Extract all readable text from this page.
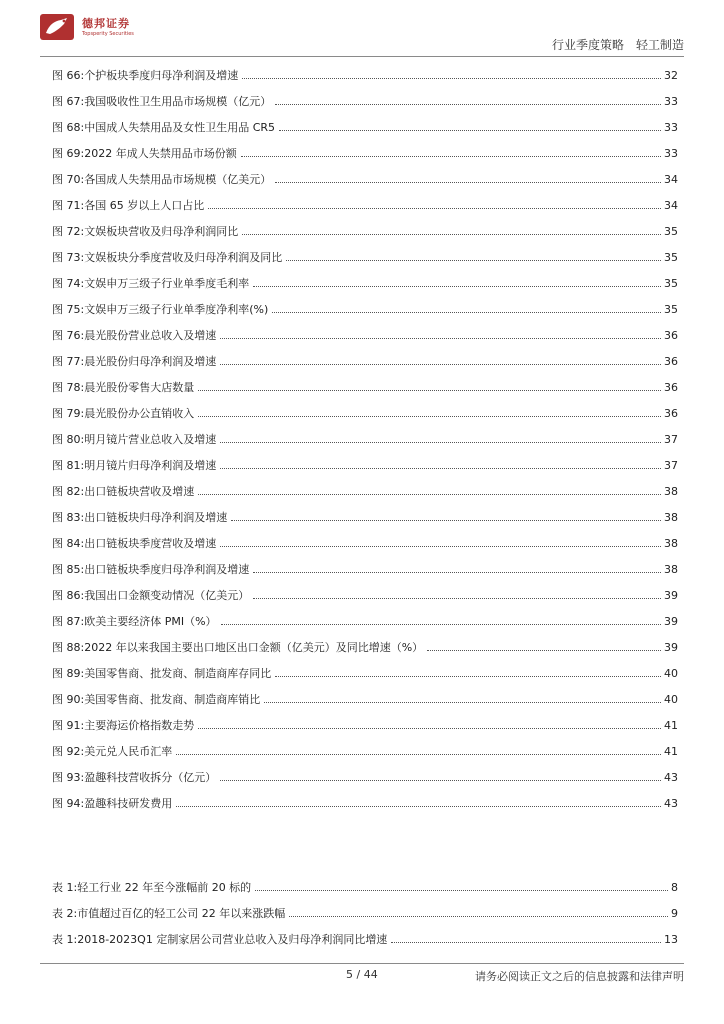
德邦证券
Topsperity Securities
行业季度策略　轻工制造
图 66: 个护板块季度归母净利润及增速	32
图 67: 我国吸收性卫生用品市场规模（亿元）	33
图 68: 中国成人失禁用品及女性卫生用品 CR5	33
图 69: 2022 年成人失禁用品市场份额	33
图 70: 各国成人失禁用品市场规模（亿美元）	34
图 71: 各国 65 岁以上人口占比	34
图 72: 文娱板块营收及归母净利润同比	35
图 73: 文娱板块分季度营收及归母净利润及同比	35
图 74: 文娱申万三级子行业单季度毛利率	35
图 75: 文娱申万三级子行业单季度净利率(%)	35
图 76: 晨光股份营业总收入及增速	36
图 77: 晨光股份归母净利润及增速	36
图 78: 晨光股份零售大店数量	36
图 79: 晨光股份办公直销收入	36
图 80: 明月镜片营业总收入及增速	37
图 81: 明月镜片归母净利润及增速	37
图 82: 出口链板块营收及增速	38
图 83: 出口链板块归母净利润及增速	38
图 84: 出口链板块季度营收及增速	38
图 85: 出口链板块季度归母净利润及增速	38
图 86: 我国出口金额变动情况（亿美元）	39
图 87: 欧美主要经济体 PMI（%）	39
图 88: 2022 年以来我国主要出口地区出口金额（亿美元）及同比增速（%）	39
图 89: 美国零售商、批发商、制造商库存同比	40
图 90: 美国零售商、批发商、制造商库销比	40
图 91: 主要海运价格指数走势	41
图 92: 美元兑人民币汇率	41
图 93: 盈趣科技营收拆分（亿元）	43
图 94: 盈趣科技研发费用	43
表 1: 轻工行业 22 年至今涨幅前 20 标的	8
表 2: 市值超过百亿的轻工公司 22 年以来涨跌幅	9
表 1: 2018-2023Q1 定制家居公司营业总收入及归母净利润同比增速	13
5 / 44	请务必阅读正文之后的信息披露和法律声明
